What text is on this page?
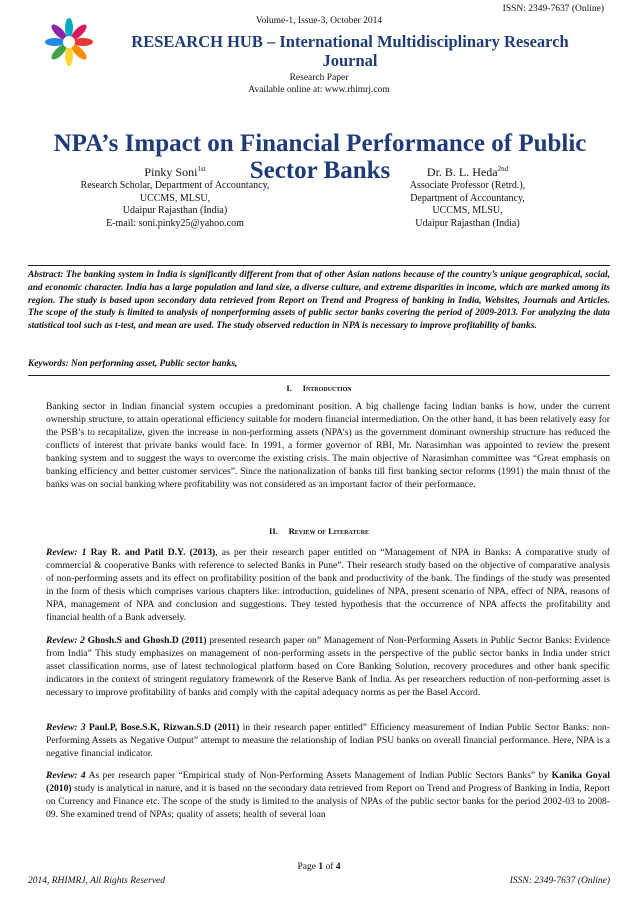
ISSN: 2349-7637 (Online)
Volume-1, Issue-3, October 2014
RESEARCH HUB – International Multidisciplinary Research
Journal
Research Paper
Available online at: www.rhimrj.com
NPA’s Impact on Financial Performance of Public
Sector Banks
Pinky Soni$^{1st}$
Research Scholar, Department of Accountancy,
UCCMS, MLSU,
Udaipur Rajasthan (India)
E-mail: soni.pinky25@yahoo.com
Dr. B. L. Heda$^{2nd}$
Associate Professor (Retrd.),
Department of Accountancy,
UCCMS, MLSU,
Udaipur Rajasthan (India)
Abstract: The banking system in India is significantly different from that of other Asian nations because of the country’s unique geographical, social, and economic character. India has a large population and land size, a diverse culture, and extreme disparities in income, which are marked among its region. The study is based upon secondary data retrieved from Report on Trend and Progress of banking in India, Websites, Journals and Articles. The scope of the study is limited to analysis of nonperforming assets of public sector banks covering the period of 2009-2013. For analyzing the data statistical tool such as t-test, and mean are used. The study observed reduction in NPA is necessary to improve profitability of banks.
Keywords: Non performing asset, Public sector banks,
I. Introduction
Banking sector in Indian financial system occupies a predominant position. A big challenge facing Indian banks is how, under the current ownership structure, to attain operational efficiency suitable for modern financial intermediation. On the other hand, it has been relatively easy for the PSB’s to recapitalize, given the increase in non-performing assets (NPA’s) as the government dominant ownership structure has reduced the conflicts of interest that private banks would face. In 1991, a former governor of RBI, Mr. Narasimhan was appointed to review the present banking system and to suggest the ways to overcome the existing crisis. The main objective of Narasimhan committee was “Great emphasis on banking efficiency and better customer services”. Since the nationalization of banks till first banking sector reforms (1991) the main thrust of the banks was on social banking where profitability was not considered as an important factor of their performance.
II. Review of Literature
Review: 1 Ray R. and Patil D.Y. (2013), as per their research paper entitled on “Management of NPA in Banks: A comparative study of commercial & cooperative Banks with reference to selected Banks in Pune”. Their research study based on the objective of comparative analysis of non-performing assets and its effect on profitability position of the bank and productivity of the bank. The findings of the study was presented in the form of thesis which comprises various chapters like: introduction, guidelines of NPA, present scenario of NPA, effect of NPA, reasons of NPA, management of NPA and conclusion and suggestions. They tested hypothesis that the occurrence of NPA affects the profitability and financial health of a Bank adversely.
Review: 2 Ghosh.S and Ghosh.D (2011) presented research paper on” Management of Non-Performing Assets in Public Sector Banks: Evidence from India” This study emphasizes on management of non-performing assets in the perspective of the public sector banks in India under strict asset classification norms, use of latest technological platform based on Core Banking Solution, recovery procedures and other bank specific indicators in the context of stringent regulatory framework of the Reserve Bank of India. As per researchers reduction of non-performing asset is necessary to improve profitability of banks and comply with the capital adequacy norms as per the Basel Accord.
Review: 3 Paul.P, Bose.S.K, Rizwan.S.D (2011) in their research paper entitled” Efficiency measurement of Indian Public Sector Banks: non-Performing Assets as Negative Output” attempt to measure the relationship of Indian PSU banks on overall financial performance. Here, NPA is a negative financial indicator.
Review: 4 As per research paper “Empirical study of Non-Performing Assets Management of Indian Public Sectors Banks” by Kanika Goyal (2010) study is analytical in nature, and it is based on the secondary data retrieved from Report on Trend and Progress of Banking in India, Report on Currency and Finance etc. The scope of the study is limited to the analysis of NPAs of the public sector banks for the period 2002-03 to 2008-09. She examined trend of NPAs; quality of assets; health of several loan
Page 1 of 4
2014, RHIMRJ, All Rights Reserved	ISSN: 2349-7637 (Online)
